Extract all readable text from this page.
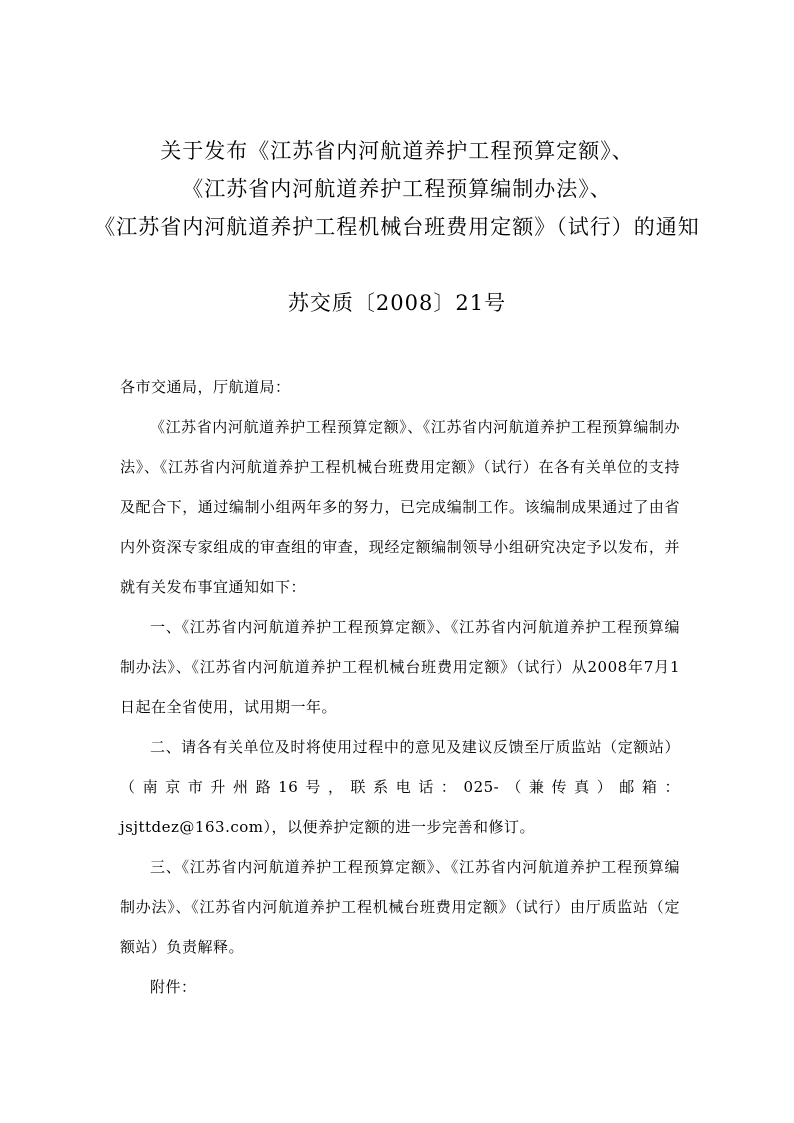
关于发布《江苏省内河航道养护工程预算定额》、
《江苏省内河航道养护工程预算编制办法》、
《江苏省内河航道养护工程机械台班费用定额》（试行）的通知
苏交质〔2008〕21号
各市交通局，厅航道局：

《江苏省内河航道养护工程预算定额》、《江苏省内河航道养护工程预算编制办法》、《江苏省内河航道养护工程机械台班费用定额》（试行）在各有关单位的支持及配合下，通过编制小组两年多的努力，已完成编制工作。该编制成果通过了由省内外资深专家组成的审查组的审查，现经定额编制领导小组研究决定予以发布，并就有关发布事宜通知如下：

一、《江苏省内河航道养护工程预算定额》、《江苏省内河航道养护工程预算编制办法》、《江苏省内河航道养护工程机械台班费用定额》（试行）从2008年7月1日起在全省使用，试用期一年。

二、请各有关单位及时将使用过程中的意见及建议反馈至厅质监站（定额站）（南京市升州路16号，联系电话：025-（兼传真）邮箱：jsjttdez@163.com），以便养护定额的进一步完善和修订。

三、《江苏省内河航道养护工程预算定额》、《江苏省内河航道养护工程预算编制办法》、《江苏省内河航道养护工程机械台班费用定额》（试行）由厅质监站（定额站）负责解释。

附件：
